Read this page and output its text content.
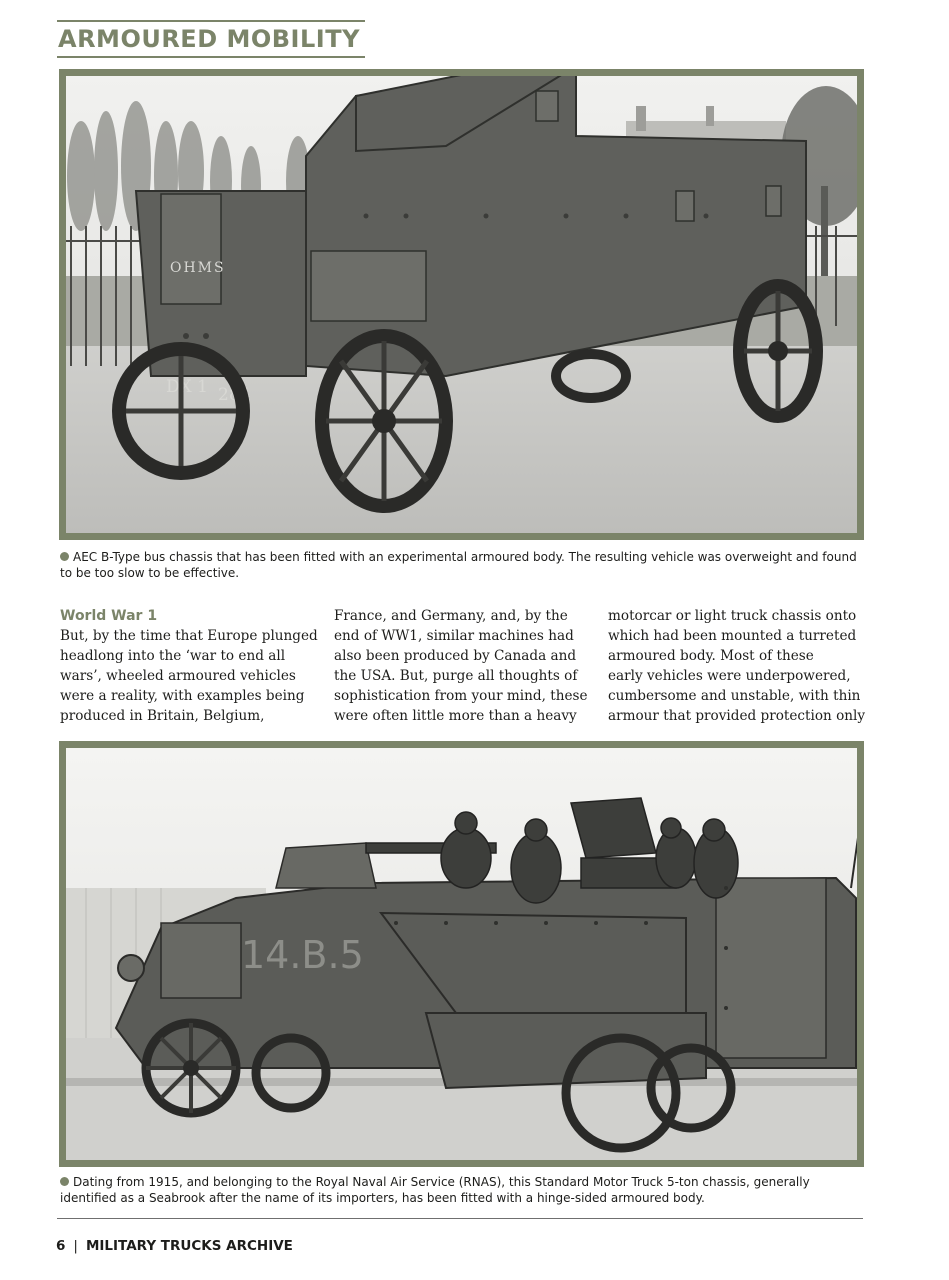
ARMOURED MOBILITY
OHMS
DX 1 284
AEC B-Type bus chassis that has been fitted with an experimental armoured body. The resulting vehicle was overweight and found to be too slow to be effective.
World War 1

But, by the time that Europe plunged
headlong into the ‘war to end all
wars’, wheeled armoured vehicles
were a reality, with examples being
produced in Britain, Belgium,

France, and Germany, and, by the
end of WW1, similar machines had
also been produced by Canada and
the USA. But, purge all thoughts of
sophistication from your mind, these
were often little more than a heavy

motorcar or light truck chassis onto
which had been mounted a turreted
armoured body. Most of these
early vehicles were underpowered,
cumbersome and unstable, with thin
armour that provided protection only

14.B.5
Dating from 1915, and belonging to the Royal Naval Air Service (RNAS), this Standard Motor Truck 5-ton chassis, generally identified as a Seabrook after the name of its importers, has been fitted with a hinge-sided armoured body.
6 | MILITARY TRUCKS ARCHIVE
